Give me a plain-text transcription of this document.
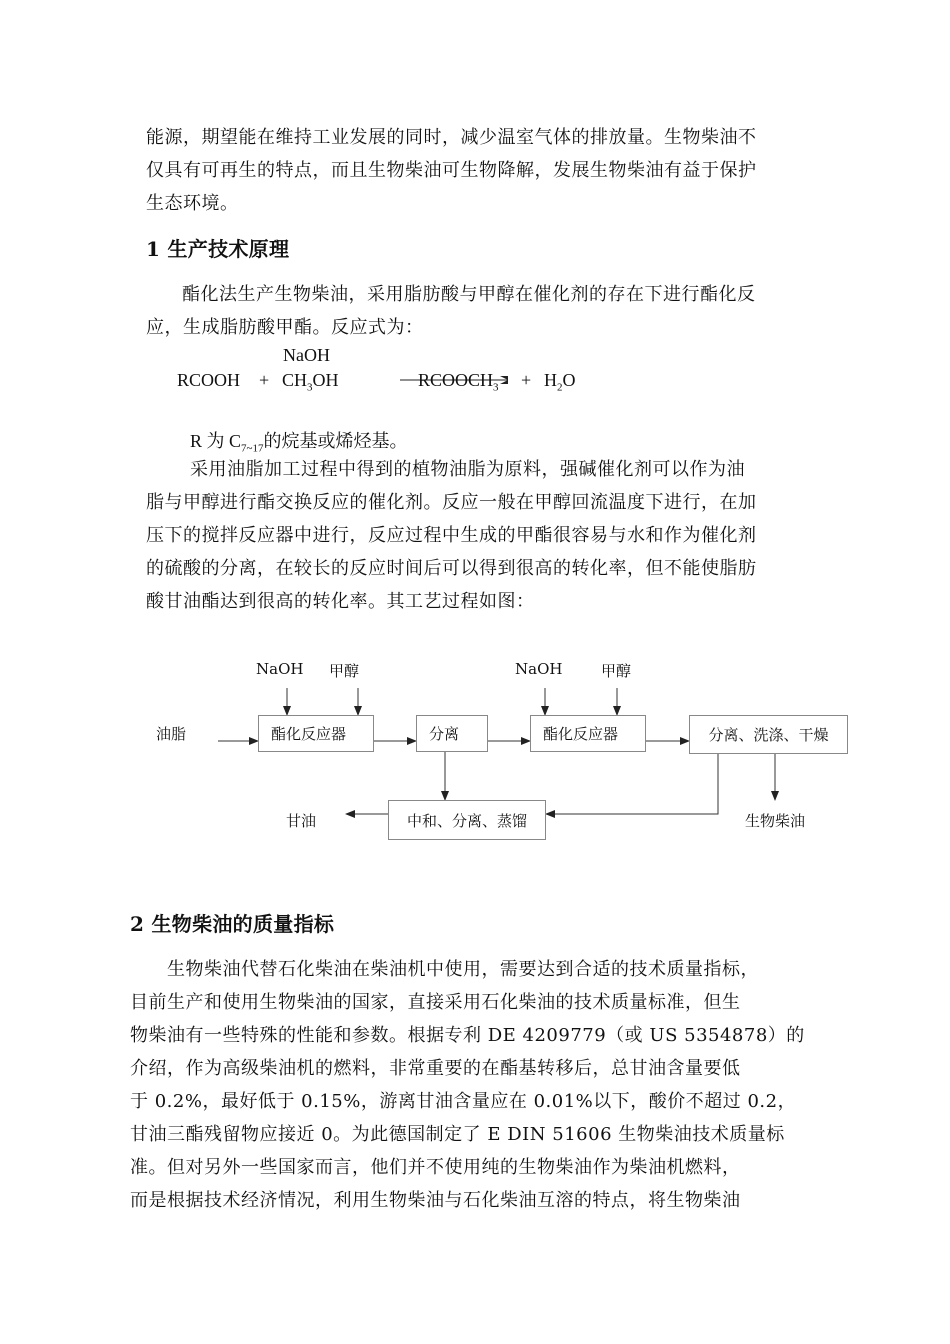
能源，期望能在维持工业发展的同时，减少温室气体的排放量。生物柴油不
仅具有可再生的特点，而且生物柴油可生物降解，发展生物柴油有益于保护
生态环境。
1 生产技术原理
酯化法生产生物柴油，采用脂肪酸与甲醇在催化剂的存在下进行酯化反
应，生成脂肪酸甲酯。反应式为：
NaOH
RCOOH + $CH_3OH$	$RCOOCH_3 + H_2O$
R 为 $C_{7\sim 17}$的烷基或烯烃基。
采用油脂加工过程中得到的植物油脂为原料，强碱催化剂可以作为油
脂与甲醇进行酯交换反应的催化剂。反应一般在甲醇回流温度下进行，在加
压下的搅拌反应器中进行，反应过程中生成的甲酯很容易与水和作为催化剂
的硫酸的分离，在较长的反应时间后可以得到很高的转化率，但不能使脂肪
酸甘油酯达到很高的转化率。其工艺过程如图：
油脂
NaOH 甲醇	NaOH	甲醇
甘油	生物柴油
酯化反应器	分离	酯化反应器	分离、洗涤、干燥
中和、分离、蒸馏
2 生物柴油的质量指标
生物柴油代替石化柴油在柴油机中使用，需要达到合适的技术质量指标，
目前生产和使用生物柴油的国家，直接采用石化柴油的技术质量标准，但生
物柴油有一些特殊的性能和参数。根据专利 DE 4209779（或 US 5354878）的
介绍，作为高级柴油机的燃料，非常重要的在酯基转移后，总甘油含量要低
于 0.2%，最好低于 0.15%，游离甘油含量应在 0.01%以下，酸价不超过 0.2，
甘油三酯残留物应接近 0。为此德国制定了 E DIN 51606 生物柴油技术质量标
准。但对另外一些国家而言，他们并不使用纯的生物柴油作为柴油机燃料，
而是根据技术经济情况，利用生物柴油与石化柴油互溶的特点，将生物柴油
